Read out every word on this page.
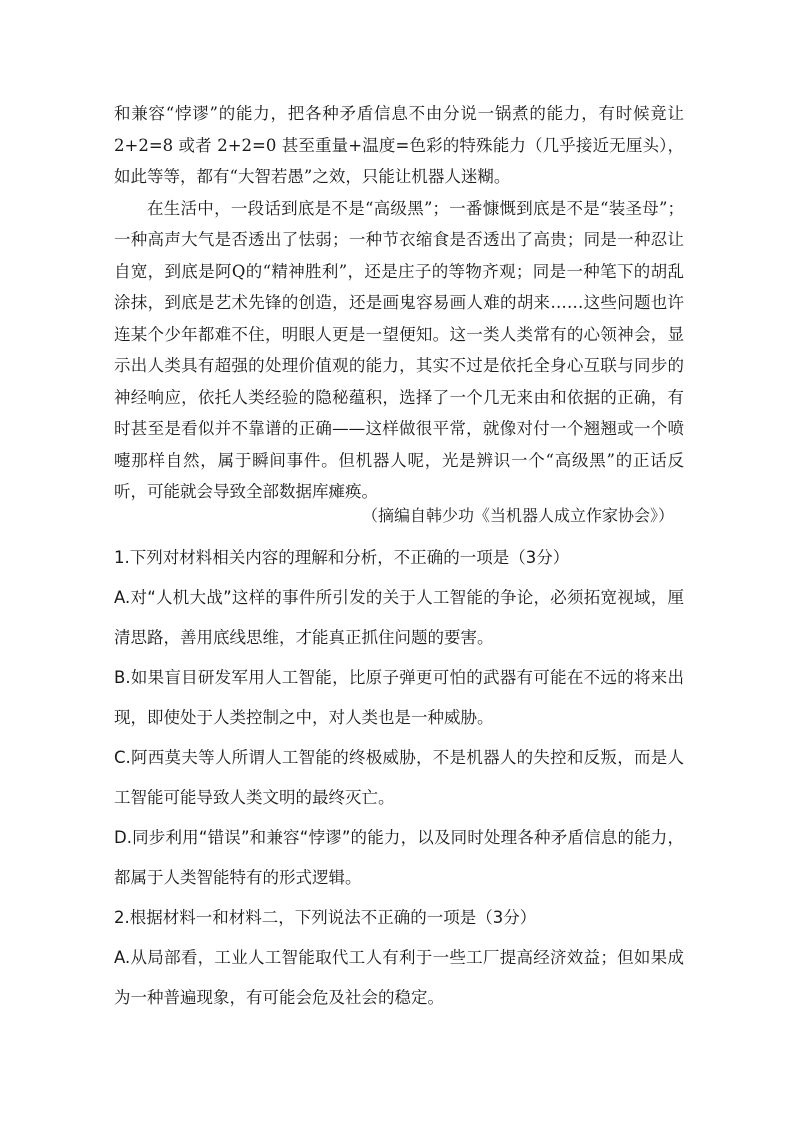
和兼容“悖谬”的能力，把各种矛盾信息不由分说一锅煮的能力，有时候竟让 2+2=8 或者 2+2=0 甚至重量+温度=色彩的特殊能力（几乎接近无厘头），如此等等，都有“大智若愚”之效，只能让机器人迷糊。

在生活中，一段话到底是不是“高级黑”；一番慷慨到底是不是“装圣母”；一种高声大气是否透出了怯弱；一种节衣缩食是否透出了高贵；同是一种忍让自宽，到底是阿Q的“精神胜利”，还是庄子的等物齐观；同是一种笔下的胡乱涂抹，到底是艺术先锋的创造，还是画鬼容易画人难的胡来……这些问题也许连某个少年都难不住，明眼人更是一望便知。这一类人类常有的心领神会，显示出人类具有超强的处理价值观的能力，其实不过是依托全身心互联与同步的神经响应，依托人类经验的隐秘蕴积，选择了一个几无来由和依据的正确，有时甚至是看似并不靠谱的正确——这样做很平常，就像对付一个翘翘或一个喷嚏那样自然，属于瞬间事件。但机器人呢，光是辨识一个“高级黑”的正话反听，可能就会导致全部数据库瘫痪。

（摘编自韩少功《当机器人成立作家协会》）

1.下列对材料相关内容的理解和分析，不正确的一项是（3分）

A.对“人机大战”这样的事件所引发的关于人工智能的争论，必须拓宽视域，厘清思路，善用底线思维，才能真正抓住问题的要害。

B.如果盲目研发军用人工智能，比原子弹更可怕的武器有可能在不远的将来出现，即使处于人类控制之中，对人类也是一种威胁。

C.阿西莫夫等人所谓人工智能的终极威胁，不是机器人的失控和反叛，而是人工智能可能导致人类文明的最终灭亡。

D.同步利用“错误”和兼容“悖谬”的能力，以及同时处理各种矛盾信息的能力，都属于人类智能特有的形式逻辑。

2.根据材料一和材料二，下列说法不正确的一项是（3分）

A.从局部看，工业人工智能取代工人有利于一些工厂提高经济效益；但如果成为一种普遍现象，有可能会危及社会的稳定。
